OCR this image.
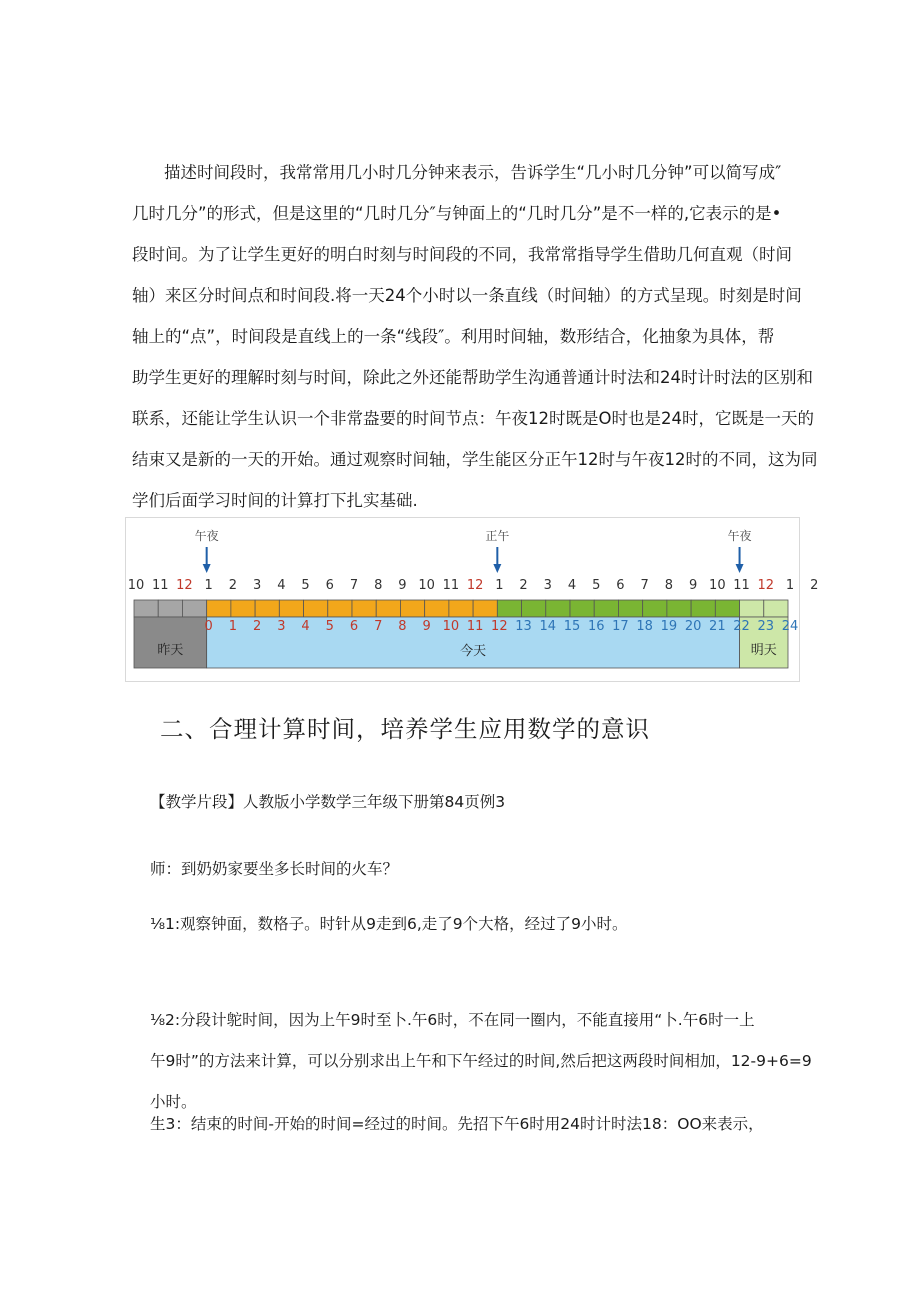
描述时间段时，我常常用几小时几分钟来表示，告诉学生“几小时几分钟”可以简写成″
几时几分”的形式，但是这里的“几时几分″与钟面上的“几时几分”是不一样的,它表示的是•
段时间。为了让学生更好的明白时刻与时间段的不同，我常常指导学生借助几何直观（时间
轴）来区分时间点和时间段.将一天24个小时以一条直线（时间轴）的方式呈现。时刻是时间
轴上的“点”，时间段是直线上的一条“线段″。利用时间轴，数形结合，化抽象为具体，帮
助学生更好的理解时刻与时间，除此之外还能帮助学生沟通普通计时法和24时计时法的区别和
联系，还能让学生认识一个非常盎要的时间节点：午夜12时既是O时也是24时，它既是一天的
结束又是新的一天的开始。通过观察时间轴，学生能区分正午12时与午夜12时的不同，这为同
学们后面学习时间的计算打下扎实基础.
10 11 12 1 2 3 4 5 6 7 8 9 10 11 12 1 2 3 4 5 6 7 8 9 10 11 12 1 2
0 1 2 3 4 5 6 7 8 9 10 11 12 13 14 15 16 17 18 19 20 21 22 23 24
午夜	正午	午夜
昨天	今天	明天
二、合理计算时间，培养学生应用数学的意识
【教学片段】人教版小学数学三年级下册第84页例3
师：到奶奶家要坐多长时间的火车？
⅛1:观察钟面，数格子。时针从9走到6,走了9个大格，经过了9小时。
⅛2:分段计鸵时间，因为上午9时至卜.午6时，不在同一圈内，不能直接用“卜.午6时一上
午9时”的方法来计算，可以分别求出上午和下午经过的时间,然后把这两段时间相加，12-9+6=9
小时。
生3：结束的时间-开始的时间=经过的时间。先招下午6时用24时计时法18：OO来表示，
